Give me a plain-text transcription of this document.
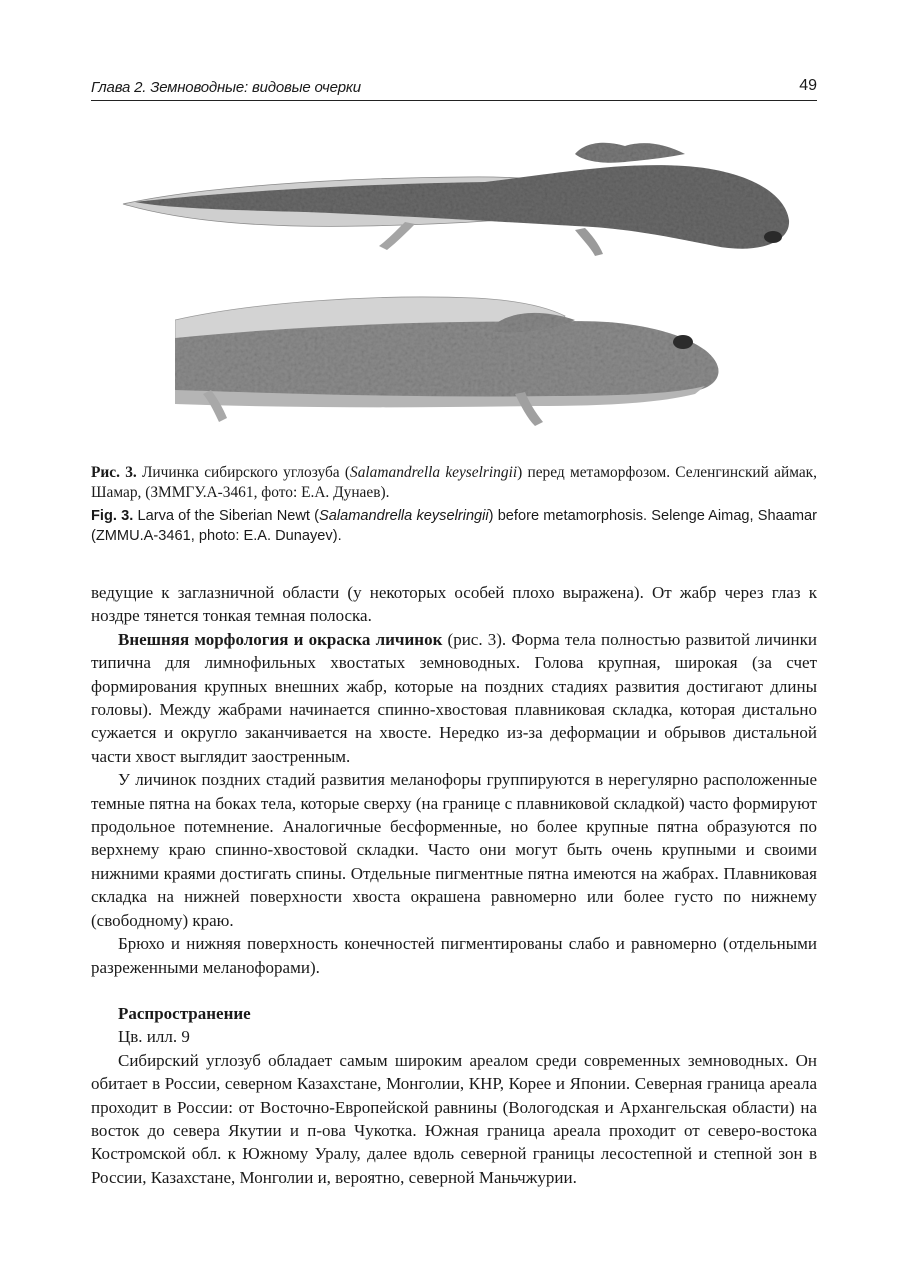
Глава 2. Земноводные: видовые очерки	49
Рис. 3. Личинка сибирского углозуба (Salamandrella keyselringii) перед метаморфозом. Селенгинский аймак, Шамар, (ЗММГУ.А-3461, фото: Е.А. Дунаев).
Fig. 3. Larva of the Siberian Newt (Salamandrella keyselringii) before metamorphosis. Selenge Aimag, Shaamar (ZMMU.A-3461, photo: E.A. Dunayev).

ведущие к заглазничной области (у некоторых особей плохо выражена). От жабр через глаз к ноздре тянется тонкая темная полоска.

Внешняя морфология и окраска личинок (рис. 3). Форма тела полностью развитой личинки типична для лимнофильных хвостатых земноводных. Голова крупная, широкая (за счет формирования крупных внешних жабр, которые на поздних стадиях развития достигают длины головы). Между жабрами начинается спинно-хвостовая плавниковая складка, которая дистально сужается и округло заканчивается на хвосте. Нередко из-за деформации и обрывов дистальной части хвост выглядит заостренным.

У личинок поздних стадий развития меланофоры группируются в нерегулярно расположенные темные пятна на боках тела, которые сверху (на границе с плавниковой складкой) часто формируют продольное потемнение. Аналогичные бесформенные, но более крупные пятна образуются по верхнему краю спинно-хвостовой складки. Часто они могут быть очень крупными и своими нижними краями достигать спины. Отдельные пигментные пятна имеются на жабрах. Плавниковая складка на нижней поверхности хвоста окрашена равномерно или более густо по нижнему (свободному) краю.

Брюхо и нижняя поверхность конечностей пигментированы слабо и равномерно (отдельными разреженными меланофорами).

Распространение
Цв. илл. 9

Сибирский углозуб обладает самым широким ареалом среди современных земноводных. Он обитает в России, северном Казахстане, Монголии, КНР, Корее и Японии. Северная граница ареала проходит в России: от Восточно-Европейской равнины (Вологодская и Архангельская области) на восток до севера Якутии и п-ова Чукотка. Южная граница ареала проходит от северо-востока Костромской обл. к Южному Уралу, далее вдоль северной границы лесостепной и степной зон в России, Казахстане, Монголии и, вероятно, северной Маньчжурии.
